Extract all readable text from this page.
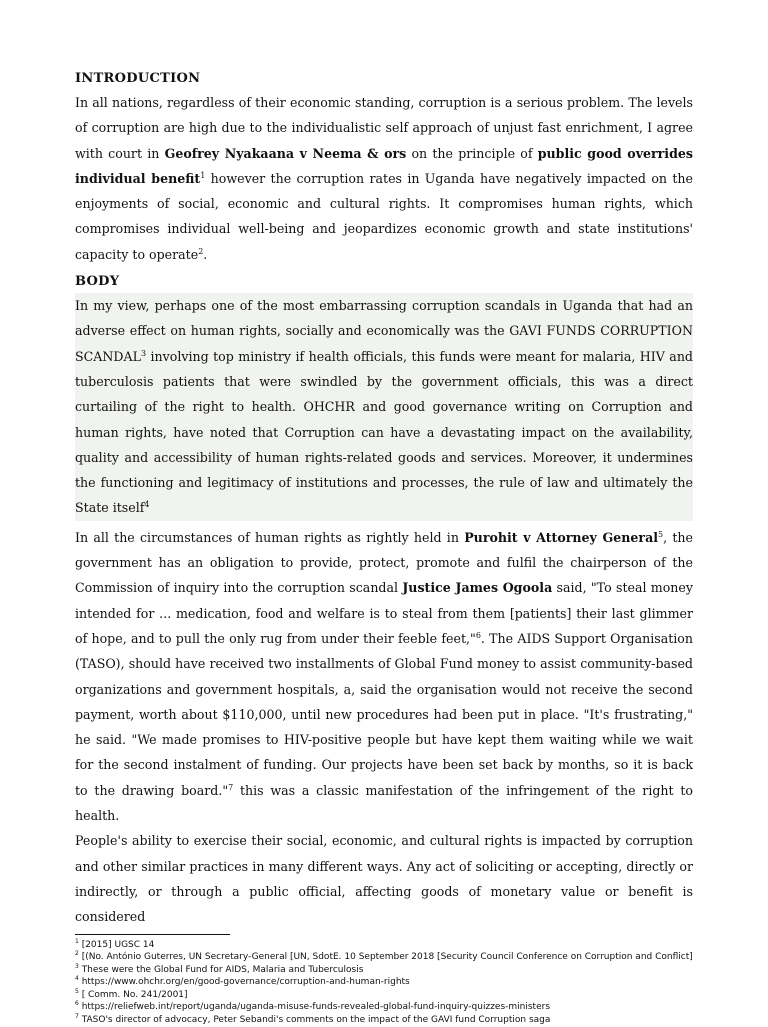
INTRODUCTION

In all nations, regardless of their economic standing, corruption is a serious problem. The levels of corruption are high due to the individualistic self approach of unjust fast enrichment, I agree with court in Geofrey Nyakaana v Neema & ors on the principle of public good overrides individual benefit$^1$ however the corruption rates in Uganda have negatively impacted on the enjoyments of social, economic and cultural rights. It compromises human rights, which compromises individual well-being and jeopardizes economic growth and state institutions' capacity to operate$^2$.

BODY

In my view, perhaps one of the most embarrassing corruption scandals in Uganda that had an adverse effect on human rights, socially and economically was the GAVI FUNDS CORRUPTION SCANDAL$^3$ involving top ministry if health officials, this funds were meant for malaria, HIV and tuberculosis patients that were swindled by the government officials, this was a direct curtailing of the right to health. OHCHR and good governance writing on Corruption and human rights, have noted that Corruption can have a devastating impact on the availability, quality and accessibility of human rights-related goods and services. Moreover, it undermines the functioning and legitimacy of institutions and processes, the rule of law and ultimately the State itself$^4$

In all the circumstances of human rights as rightly held in Purohit v Attorney General$^5$, the government has an obligation to provide, protect, promote and fulfil the chairperson of the Commission of inquiry into the corruption scandal Justice James Ogoola said, "To steal money intended for ... medication, food and welfare is to steal from them [patients] their last glimmer of hope, and to pull the only rug from under their feeble feet,"$^6$. The AIDS Support Organisation (TASO), should have received two installments of Global Fund money to assist community-based organizations and government hospitals, a, said the organisation would not receive the second payment, worth about $110,000, until new procedures had been put in place. "It's frustrating," he said. "We made promises to HIV-positive people but have kept them waiting while we wait for the second instalment of funding. Our projects have been set back by months, so it is back to the drawing board."$^7$ this was a classic manifestation of the infringement of the right to health.

People's ability to exercise their social, economic, and cultural rights is impacted by corruption and other similar practices in many different ways. Any act of soliciting or accepting, directly or indirectly, or through a public official, affecting goods of monetary value or benefit is considered

$^1$ [2015] UGSC 14

$^2$ [(No. António Guterres, UN Secretary-General [UN, SdotE. 10 September 2018 [Security Council Conference on Corruption and Conflict]

$^3$ These were the Global Fund for AIDS, Malaria and Tuberculosis

$^4$ https://www.ohchr.org/en/good-governance/corruption-and-human-rights

$^5$ [ Comm. No. 241/2001]

$^6$ https://reliefweb.int/report/uganda/uganda-misuse-funds-revealed-global-fund-inquiry-quizzes-ministers

$^7$ TASO's director of advocacy, Peter Sebandi's comments on the impact of the GAVI fund Corruption saga
